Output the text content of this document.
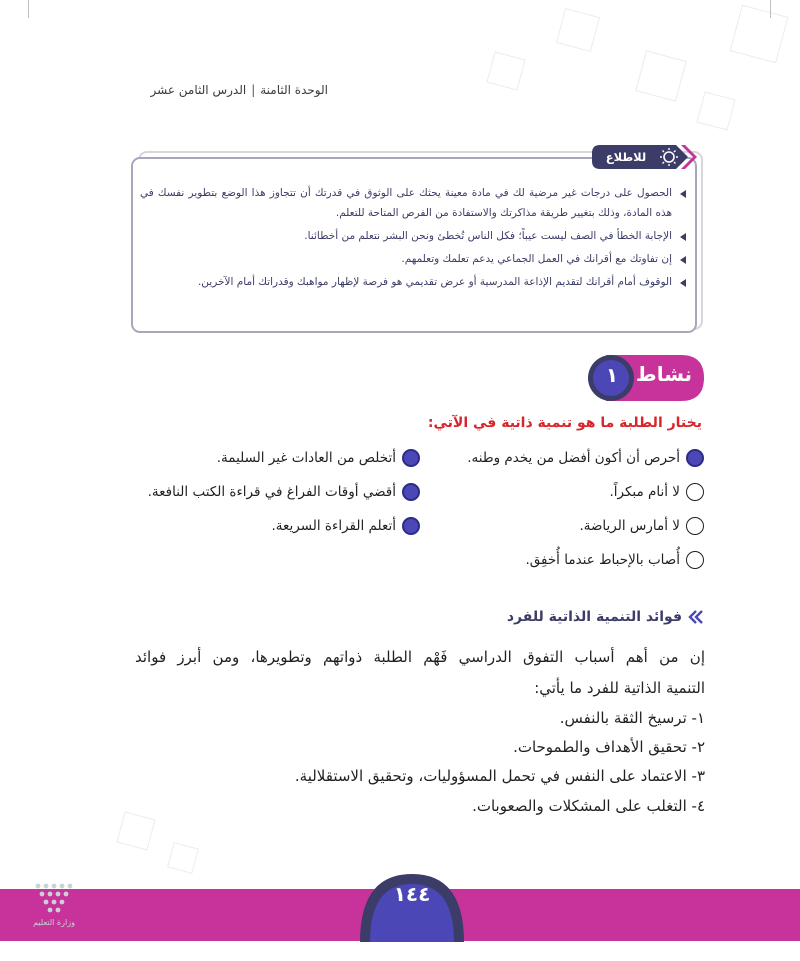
الوحدة الثامنة|الدرس الثامن عشر
للاطلاع
الحصول على درجات غير مرضية لك في مادة معينة يحثك على الوثوق في قدرتك أن تتجاوز هذا الوضع بتطوير نفسك في هذه المادة، وذلك بتغيير طريقة مذاكرتك والاستفادة من الفرص المتاحة للتعلم.
الإجابة الخطأ في الصف ليست عيباً؛ فكل الناس تُخطئ ونحن البشر نتعلم من أخطائنا.
إن تفاوتك مع أقرانك في العمل الجماعي يدعم تعلمك وتعلمهم.
الوقوف أمام أقرانك لتقديم الإذاعة المدرسية أو عرض تقديمي هو فرصة لإظهار مواهبك وقدراتك أمام الآخرين.
نشاط
١
يختار الطلبة ما هو تنمية ذاتية في الآتي:
أحرص أن أكون أفضل من يخدم وطنه.
أتخلص من العادات غير السليمة.
لا أنام مبكراً.
أقضي أوقات الفراغ في قراءة الكتب النافعة.
لا أمارس الرياضة.
أتعلم القراءة السريعة.
أُصاب بالإحباط عندما أُخفِق.
فوائد التنمية الذاتية للفرد
إن من أهم أسباب التفوق الدراسي فَهْم الطلبة ذواتهم وتطويرها، ومن أبرز فوائد
التنمية الذاتية للفرد ما يأتي:
١- ترسيخ الثقة بالنفس.
٢- تحقيق الأهداف والطموحات.
٣- الاعتماد على النفس في تحمل المسؤوليات، وتحقيق الاستقلالية.
٤- التغلب على المشكلات والصعوبات.
١٤٤
وزارة التعليم
